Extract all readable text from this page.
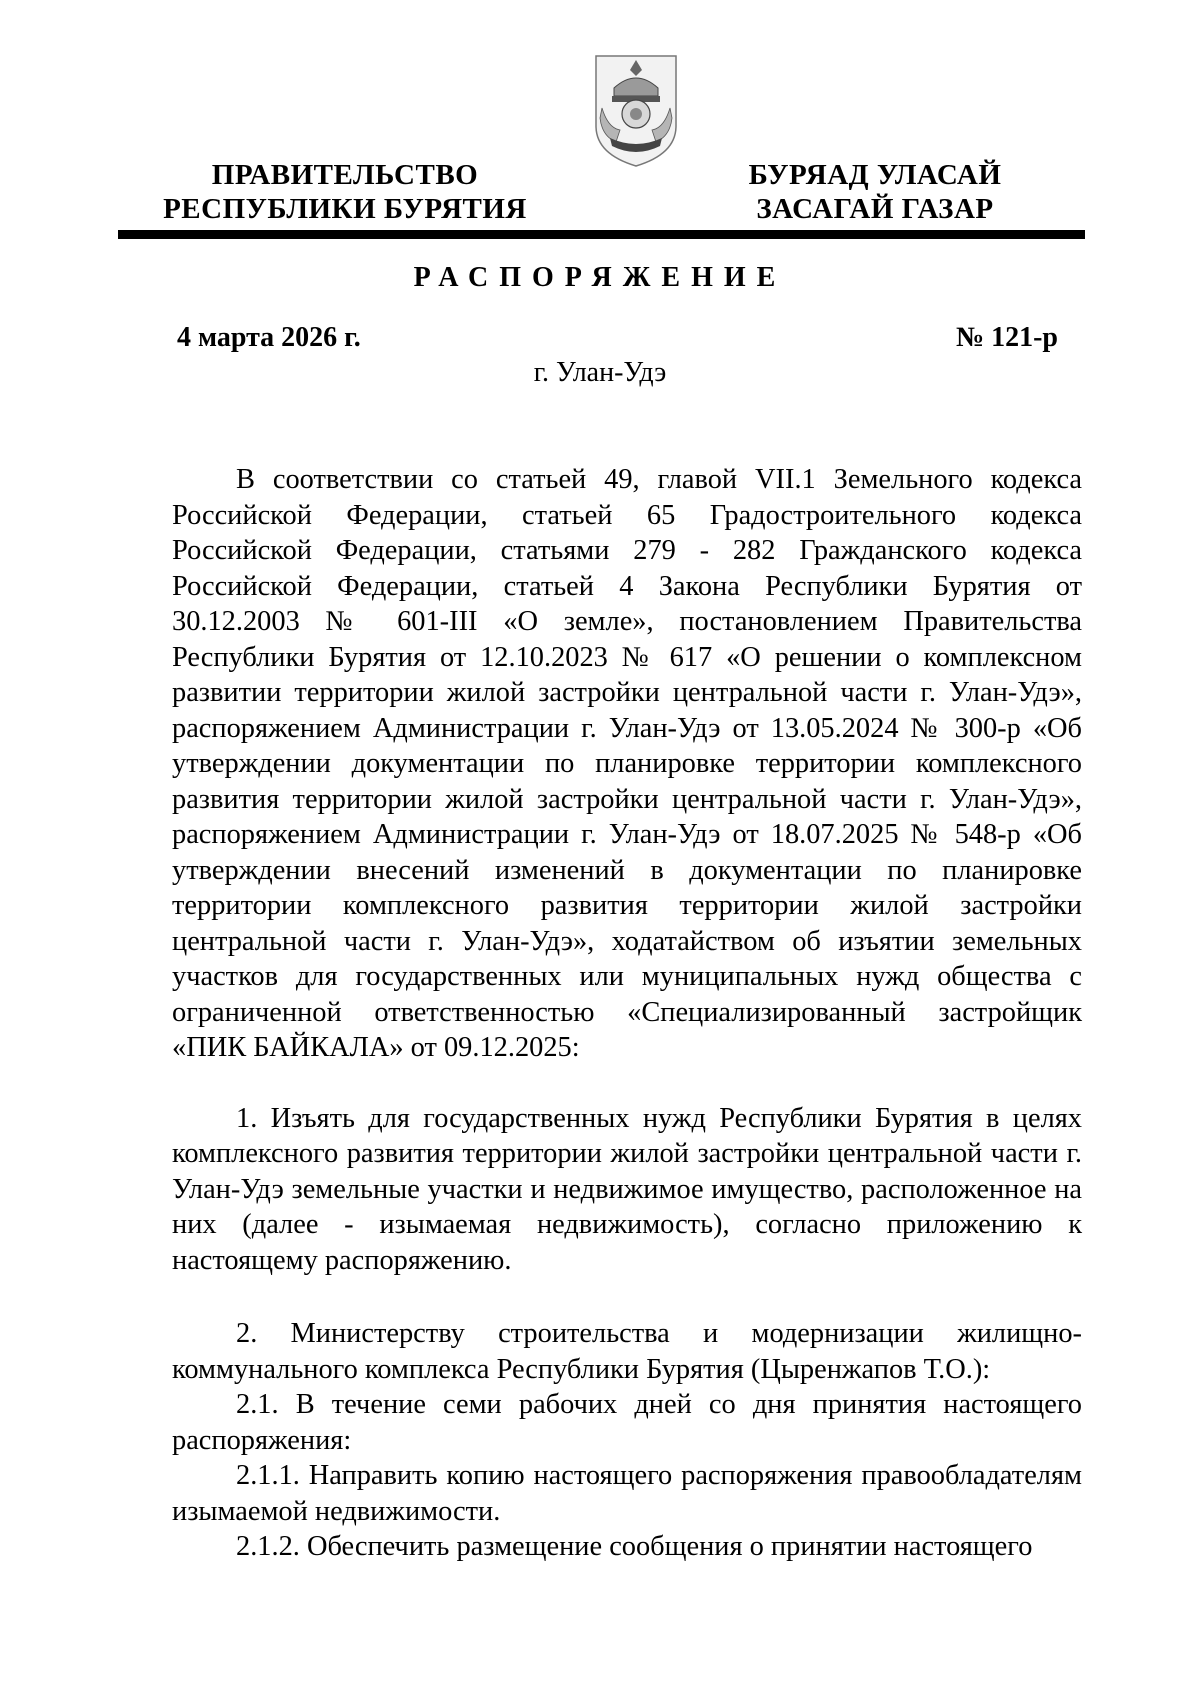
ПРАВИТЕЛЬСТВО
РЕСПУБЛИКИ БУРЯТИЯ
БУРЯАД УЛАСАЙ
ЗАСАГАЙ ГАЗАР
РАСПОРЯЖЕНИЕ
4 марта 2026 г.	№ 121-р
г. Улан-Удэ

В соответствии со статьей 49, главой VII.1 Земельного кодекса Российской Федерации, статьей 65 Градостроительного кодекса Российской Федерации, статьями 279 - 282 Гражданского кодекса Российской Федерации, статьей 4 Закона Республики Бурятия от 30.12.2003 № 601-III «О земле», постановлением Правительства Республики Бурятия от 12.10.2023 № 617 «О решении о комплексном развитии территории жилой застройки центральной части г. Улан-Удэ», распоряжением Администрации г. Улан-Удэ от 13.05.2024 № 300-р «Об утверждении документации по планировке территории комплексного развития территории жилой застройки центральной части г. Улан-Удэ», распоряжением Администрации г. Улан-Удэ от 18.07.2025 № 548-р «Об утверждении внесений изменений в документации по планировке территории комплексного развития территории жилой застройки центральной части г. Улан-Удэ», ходатайством об изъятии земельных участков для государственных или муниципальных нужд общества с ограниченной ответственностью «Специализированный застройщик «ПИК БАЙКАЛА» от 09.12.2025:

1. Изъять для государственных нужд Республики Бурятия в целях комплексного развития территории жилой застройки центральной части г. Улан-Удэ земельные участки и недвижимое имущество, расположенное на них (далее - изымаемая недвижимость), согласно приложению к настоящему распоряжению.

2. Министерству строительства и модернизации жилищно-коммунального комплекса Республики Бурятия (Цыренжапов Т.О.):

2.1. В течение семи рабочих дней со дня принятия настоящего распоряжения:

2.1.1. Направить копию настоящего распоряжения правообладателям изымаемой недвижимости.

2.1.2. Обеспечить размещение сообщения о принятии настоящего
